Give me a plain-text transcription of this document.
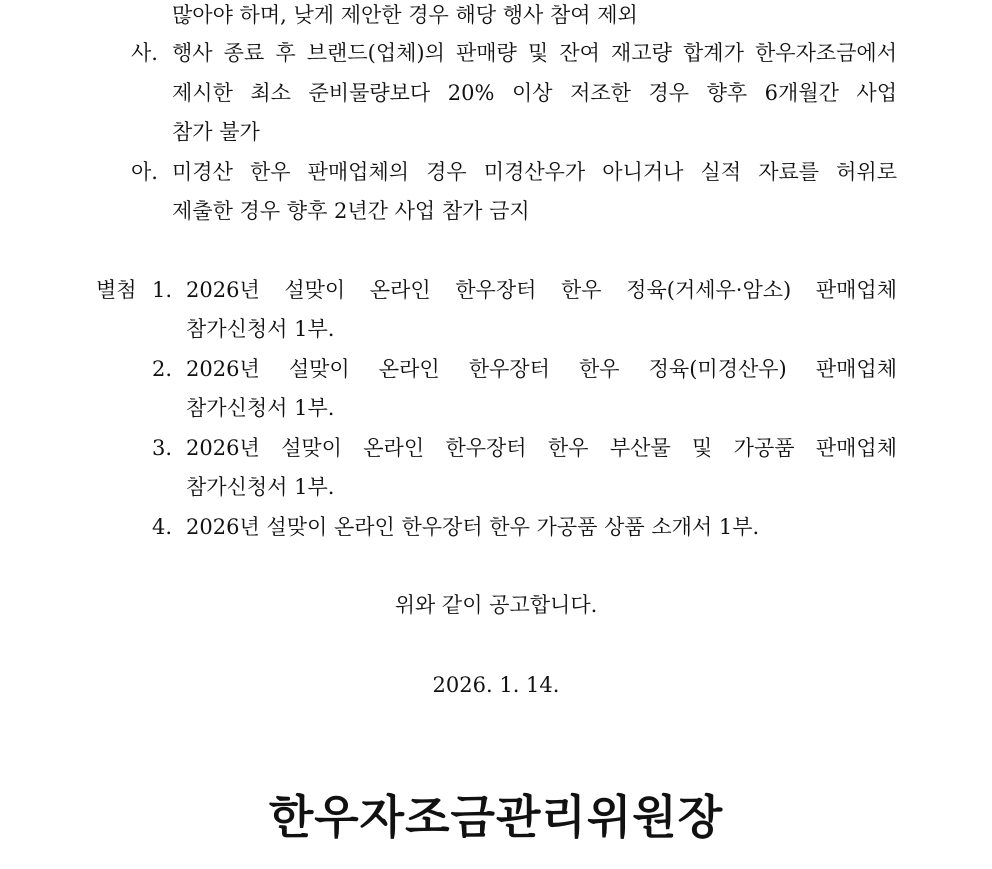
많아야 하며, 낮게 제안한 경우 해당 행사 참여 제외
사. 행사 종료 후 브랜드(업체)의 판매량 및 잔여 재고량 합계가 한우자조금에서
제시한 최소 준비물량보다 20% 이상 저조한 경우 향후 6개월간 사업
참가 불가
아. 미경산 한우 판매업체의 경우 미경산우가 아니거나 실적 자료를 허위로
제출한 경우 향후 2년간 사업 참가 금지
별첨 1. 2026년 설맞이 온라인 한우장터 한우 정육(거세우·암소) 판매업체
참가신청서 1부.
2. 2026년 설맞이 온라인 한우장터 한우 정육(미경산우) 판매업체
참가신청서 1부.
3. 2026년 설맞이 온라인 한우장터 한우 부산물 및 가공품 판매업체
참가신청서 1부.
4. 2026년 설맞이 온라인 한우장터 한우 가공품 상품 소개서 1부.
위와 같이 공고합니다.
2026. 1. 14.
한우자조금관리위원장
